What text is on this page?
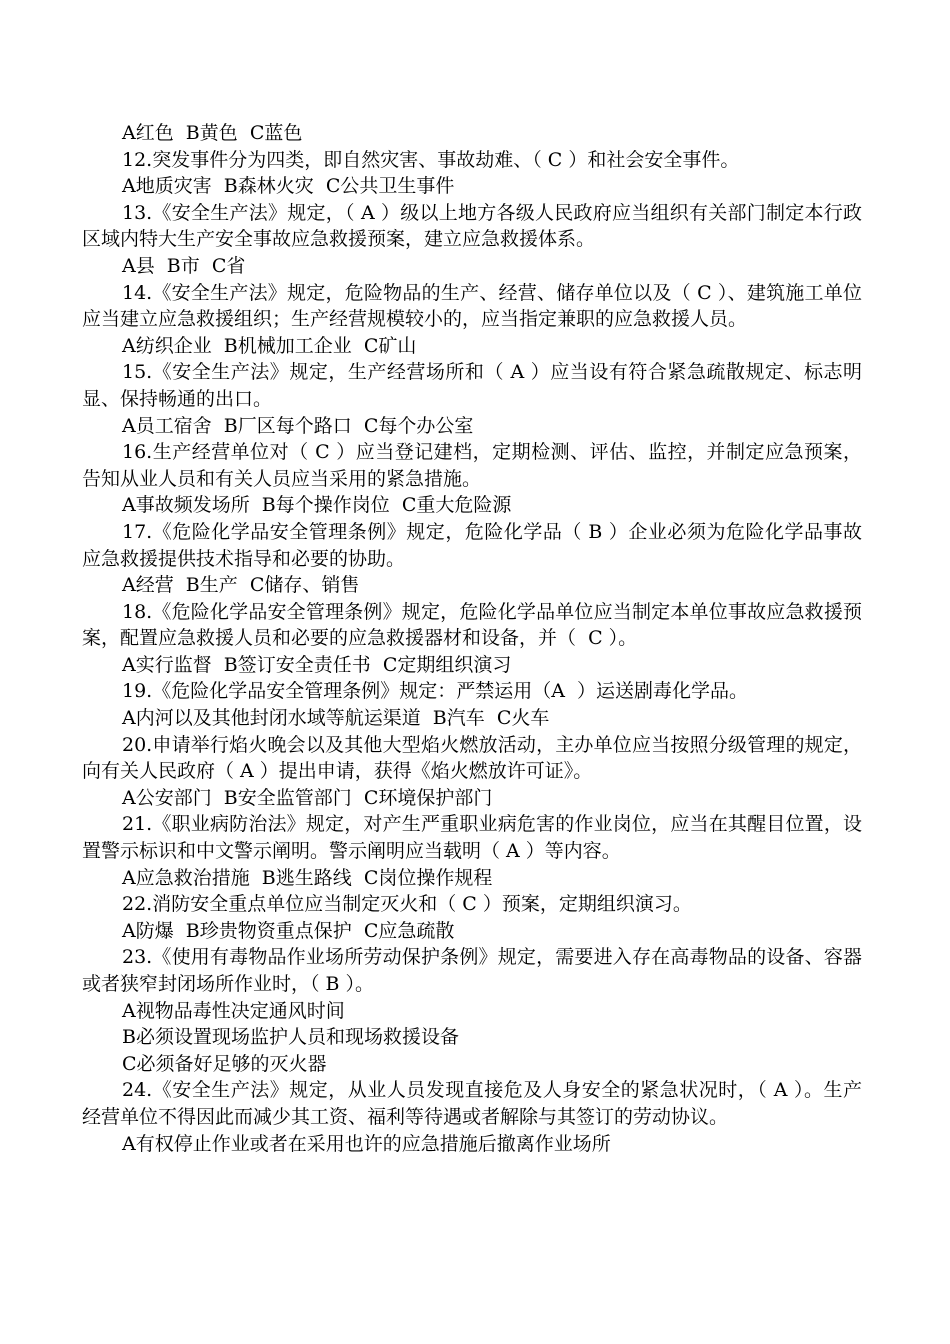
A红色  B黄色  C蓝色

12.突发事件分为四类，即自然灾害、事故劫难、（ C ）和社会安全事件。

A地质灾害  B森林火灾  C公共卫生事件

13.《安全生产法》规定，（ A ）级以上地方各级人民政府应当组织有关部门制定本行政区域内特大生产安全事故应急救援预案，建立应急救援体系。

A县  B市  C省

14.《安全生产法》规定，危险物品的生产、经营、储存单位以及（ C ）、建筑施工单位应当建立应急救援组织；生产经营规模较小的，应当指定兼职的应急救援人员。

A纺织企业  B机械加工企业  C矿山

15.《安全生产法》规定，生产经营场所和（ A ）应当设有符合紧急疏散规定、标志明显、保持畅通的出口。

A员工宿舍  B厂区每个路口  C每个办公室

16.生产经营单位对（ C ）应当登记建档，定期检测、评估、监控，并制定应急预案，告知从业人员和有关人员应当采用的紧急措施。

A事故频发场所  B每个操作岗位  C重大危险源

17.《危险化学品安全管理条例》规定，危险化学品（ B ）企业必须为危险化学品事故应急救援提供技术指导和必要的协助。

A经营  B生产  C储存、销售

18.《危险化学品安全管理条例》规定，危险化学品单位应当制定本单位事故应急救援预案，配置应急救援人员和必要的应急救援器材和设备，并（  C ）。

A实行监督  B签订安全责任书  C定期组织演习

19.《危险化学品安全管理条例》规定：严禁运用（A  ）运送剧毒化学品。

A内河以及其他封闭水域等航运渠道  B汽车  C火车

20.申请举行焰火晚会以及其他大型焰火燃放活动，主办单位应当按照分级管理的规定，向有关人民政府（ A ）提出申请，获得《焰火燃放许可证》。

A公安部门  B安全监管部门  C环境保护部门

21.《职业病防治法》规定，对产生严重职业病危害的作业岗位，应当在其醒目位置，设置警示标识和中文警示阐明。警示阐明应当载明（ A ）等内容。

A应急救治措施  B逃生路线  C岗位操作规程

22.消防安全重点单位应当制定灭火和（ C ）预案，定期组织演习。

A防爆  B珍贵物资重点保护  C应急疏散

23.《使用有毒物品作业场所劳动保护条例》规定，需要进入存在高毒物品的设备、容器或者狭窄封闭场所作业时，（ B ）。

A视物品毒性决定通风时间

B必须设置现场监护人员和现场救援设备

C必须备好足够的灭火器

24.《安全生产法》规定，从业人员发现直接危及人身安全的紧急状况时，（ A ）。生产经营单位不得因此而减少其工资、福利等待遇或者解除与其签订的劳动协议。

A有权停止作业或者在采用也许的应急措施后撤离作业场所
